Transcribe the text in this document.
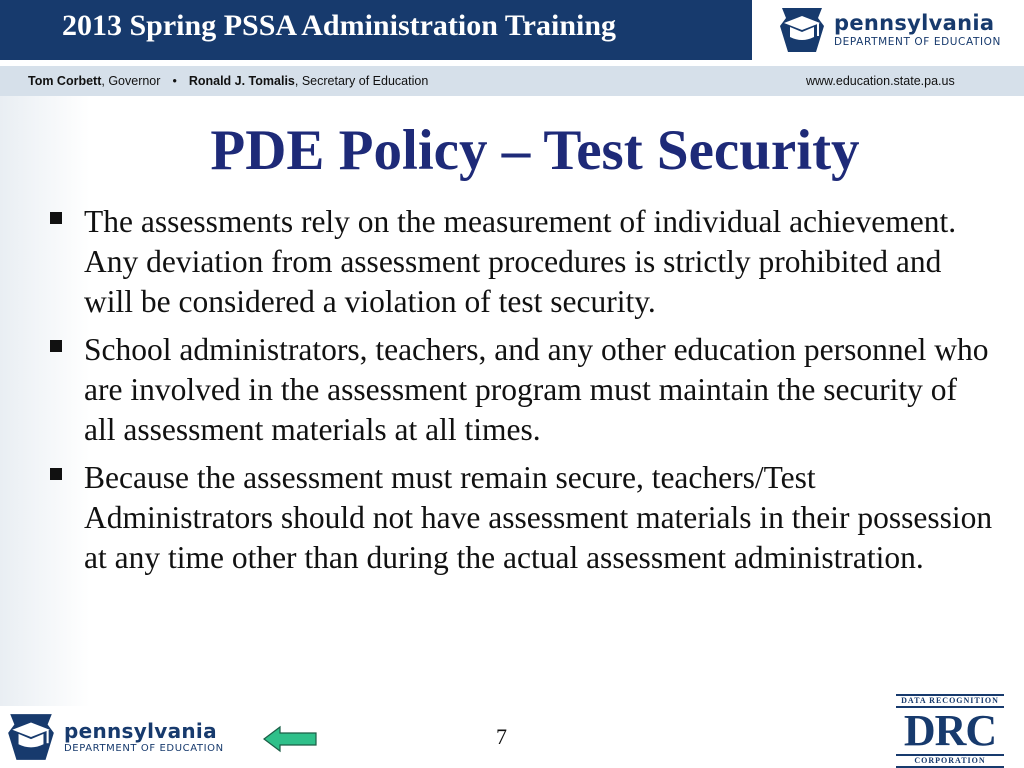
2013 Spring PSSA Administration Training	pennsylvania
DEPARTMENT OF EDUCATION
Tom Corbett, Governor • Ronald J. Tomalis, Secretary of Education	www.education.state.pa.us
PDE Policy – Test Security
The assessments rely on the measurement of individual achievement. Any deviation from assessment procedures is strictly prohibited and will be considered a violation of test security.
School administrators, teachers, and any other education personnel who are involved in the assessment program must maintain the security of all assessment materials at all times.
Because the assessment must remain secure, teachers/Test Administrators should not have assessment materials in their possession at any time other than during the actual assessment administration.
pennsylvania
DEPARTMENT OF EDUCATION	7
DATA RECOGNITION
DRC
CORPORATION
